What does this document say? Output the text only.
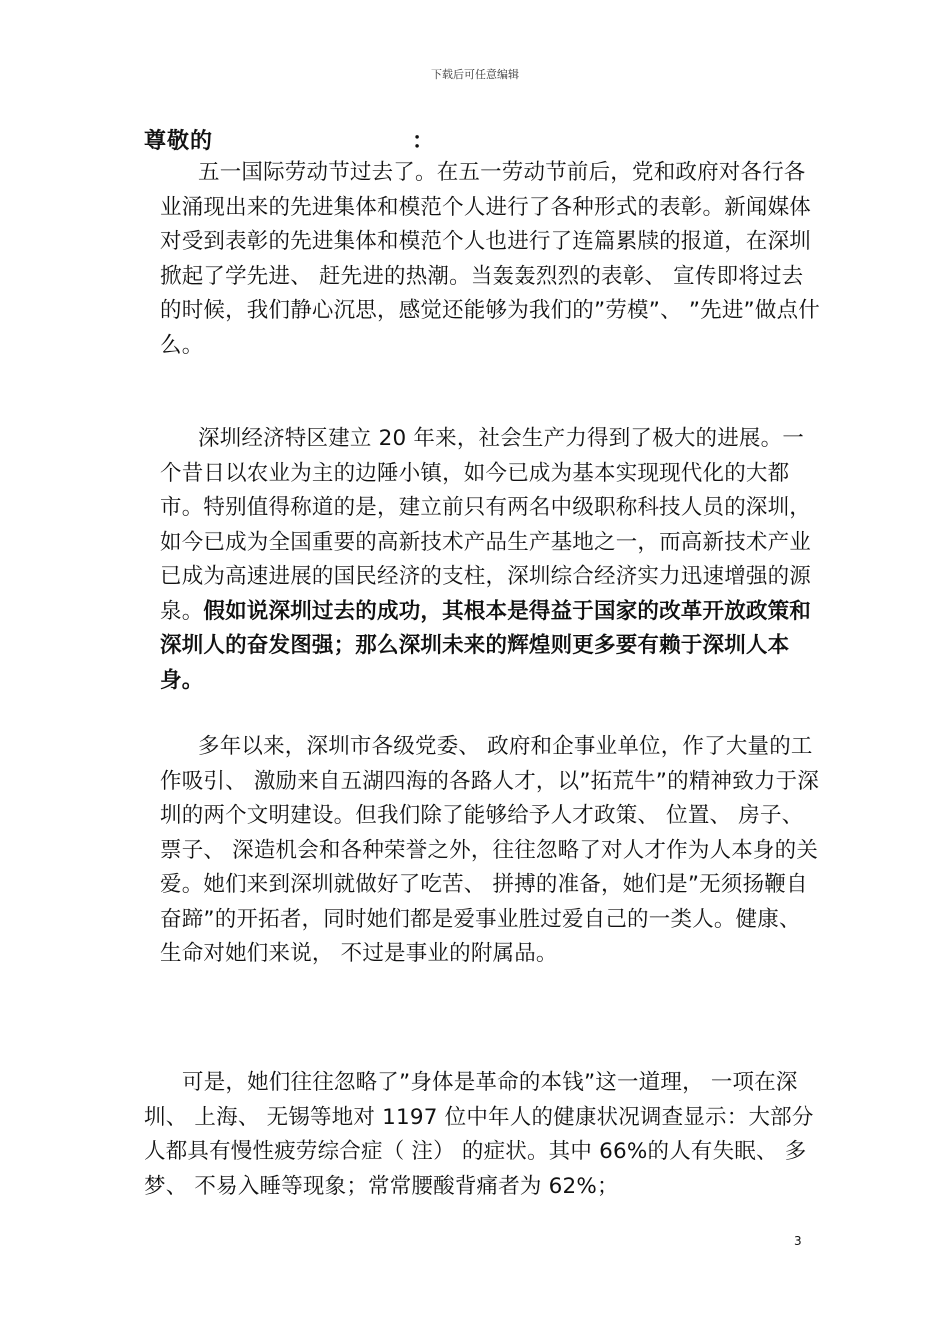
下载后可任意编辑
尊敬的	：

五一国际劳动节过去了。在五一劳动节前后，党和政府对各行各业涌现出来的先进集体和模范个人进行了各种形式的表彰。新闻媒体对受到表彰的先进集体和模范个人也进行了连篇累牍的报道，在深圳掀起了学先进、 赶先进的热潮。当轰轰烈烈的表彰、 宣传即将过去的时候，我们静心沉思，感觉还能够为我们的”劳模”、 ”先进”做点什么。

深圳经济特区建立 20 年来，社会生产力得到了极大的进展。一个昔日以农业为主的边陲小镇，如今已成为基本实现现代化的大都市。特别值得称道的是，建立前只有两名中级职称科技人员的深圳，如今已成为全国重要的高新技术产品生产基地之一，而高新技术产业已成为高速进展的国民经济的支柱，深圳综合经济实力迅速增强的源泉。假如说深圳过去的成功，其根本是得益于国家的改革开放政策和深圳人的奋发图强；那么深圳未来的辉煌则更多要有赖于深圳人本身。

多年以来，深圳市各级党委、 政府和企事业单位，作了大量的工作吸引、 激励来自五湖四海的各路人才，以”拓荒牛”的精神致力于深圳的两个文明建设。但我们除了能够给予人才政策、 位置、 房子、 票子、 深造机会和各种荣誉之外，往往忽略了对人才作为人本身的关爱。她们来到深圳就做好了吃苦、 拼搏的准备，她们是”无须扬鞭自奋蹄”的开拓者，同时她们都是爱事业胜过爱自己的一类人。健康、 生命对她们来说， 不过是事业的附属品。

可是，她们往往忽略了”身体是革命的本钱”这一道理， 一项在深圳、 上海、 无锡等地对 1197 位中年人的健康状况调查显示：大部分人都具有慢性疲劳综合症（ 注） 的症状。其中 66%的人有失眠、 多梦、 不易入睡等现象；常常腰酸背痛者为 62%；

3
